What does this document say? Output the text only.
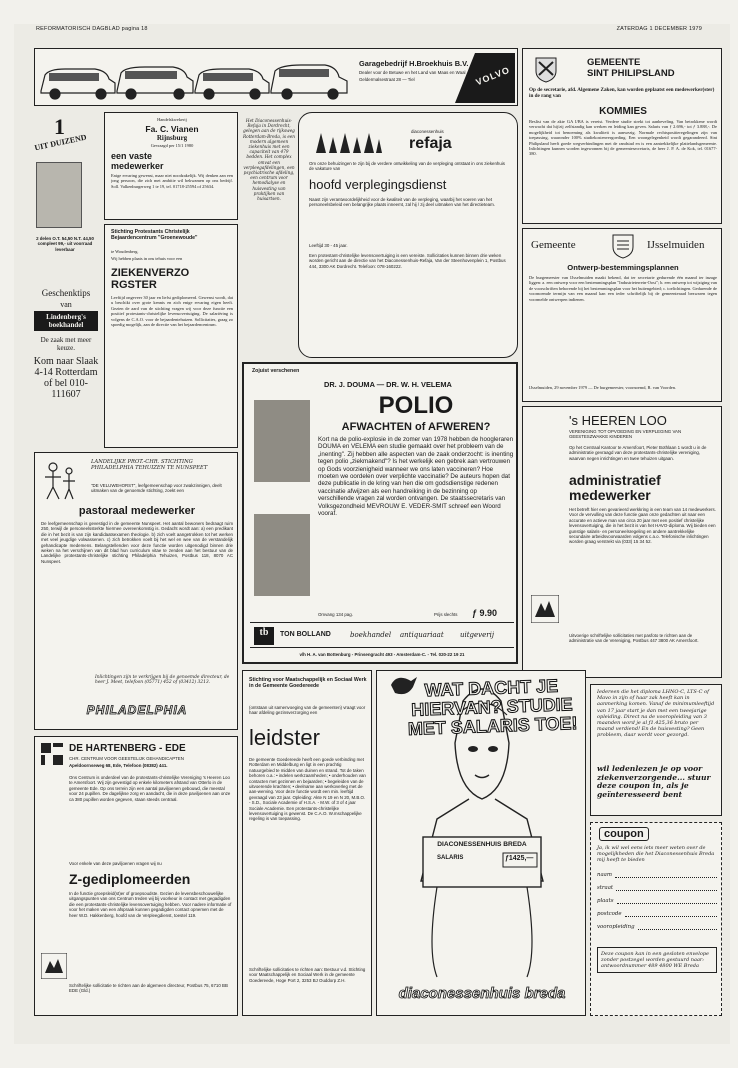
REFORMATORISCH DAGBLAD pagina 18	ZATERDAG 1 DECEMBER 1979
Garagebedrijf H.Broekhuis B.V.
Dealer voor de Betuwe en het Land van Maas en Waal
Geldermalsestraat 28 — Tiel	VOLVO
GEMEENTE
SINT PHILIPSLAND
Op de secretarie, afd. Algemene Zaken, kan worden geplaatst een medewerker(ster) in de rang van
KOMMIES
Beslist van de akte GA I/BA is vereist. Verdere studie strekt tot aanbeveling. Van betrokkene wordt verwacht dat hij/zij zelfstandig kan werken en leiding kan geven. Salaris van ƒ 2.696,- tot ƒ 3.888,-. De mogelijkheid tot benoeming als kwaliteit is aanwezig. Normale rechtspositieregelingen zijn van toepassing, waaronder 100% studiekostenvergoeding. Een woongelegenheid wordt gegarandeerd. Sint Philipsland heeft goede wegverbindingen met de randstad en is een aantrekkelijke plattelandsgemeente. Inlichtingen kunnen worden ingewonnen bij de gemeentesecretaris, de heer J. P. A. de Kok, tel. 01677-380.
Gemeente	IJsselmuiden
Ontwerp-bestemmingsplannen
De burgemeester van IJsselmuiden maakt bekend, dat ter secretarie gedurende één maand ter inzage liggen: a. een ontwerp voor een bestemmingsplan "Industrieterrein-Oost"; b. een ontwerp tot wijziging van de voorschriften behorende bij het bestemmingsplan voor het buitengebied; c. toelichtingen. Gedurende de voornoemde termijn van een maand kan een ieder schriftelijk bij de gemeenteraad bezwaren tegen voormelde ontwerpen indienen.
IJsselmuiden, 29 november 1979 — De burgemeester, voornoemd, R. van Voorden.
1
UIT DUIZEND
2 delen O.T. 54,50 N.T. 44,50 compleet 99,- uit voorraad leverbaar
Geschenktips
van
Lindenberg's boekhandel
De zaak met meer keuze.
Kom naar Slaak 4-14 Rotterdam of bel 010-111607
Handelskwekerij
Fa. C. Vianen
Rijnsburg
Gevraagd per 15/1 1980
een vaste medewerker
Enige ervaring gewenst, maar niet noodzakelijk. Wij denken aan een jong persoon, die zich met ambitie wil bekwamen op ons bedrijf. Soll. Valkenburgerweg 1 te 19, tel. 01718-25594 of 25634.
Stichting Protestants Christelijk Bejaardencentrum "Groenewoude"
te Woudenberg.
Wij hebben plaats in ons tehuis voor een
ZIEKENVERZORGSTER
Leeftijd ongeveer 30 jaar en liefst gediplomeerd. Gewenst wordt, dat u beschikt over grote kennis en zich enige ervaring eigen heeft. Gezien de aard van de stichting vragen wij voor deze functie een positief protestants-christelijke levensovertuiging. De salariëring is volgens de C.A.O. voor de bejaardentehuizen. Sollicitaties, graag zo spoedig mogelijk, aan de directie van het bejaardencentrum.
Het Diaconessenhuis-Refaja in Dordrecht, gelegen aan de rijksweg Rotterdam-Breda, is een modern algemeen ziekenhuis met een capaciteit van 479 bedden. Het complex omvat een verpleegafdelingen, een psychiatrische afdeling, een centrum voor hemodialyse en huisvesting van praktijken van huisartsen.
diaconessenhuis
refaja
Om onze behuizingen te zijn bij de verdere ontwikkeling van de verpleging ontstaat in ons ziekenhuis de vakature van
hoofd verplegingsdienst
Naast zijn verantwoordelijkheid voor de kwaliteit van de verpleging, waarbij het voeren van het personeelsbeleid een belangrijke plaats inneemt, zal hij / zij deel uitmaken van het directieteam.
Leeftijd 30 - 45 jaar.
Een protestant-christelijke levensovertuiging is een vereiste. Sollicitaties kunnen binnen drie weken worden gericht aan de directie van het Diaconessenhuis-Refaja, Van der Steenhovenplein 1, Postbus 444, 3300 AK Dordrecht. Telefoon: 078-160222.
Zojuist verschenen
DR. J. DOUMA — DR. W. H. VELEMA
POLIO
AFWACHTEN of AFWEREN?
Kort na de polio-explosie in de zomer van 1978 hebben de hoogleraren DOUMA en VELEMA een studie gemaakt over het probleem van de „inenting". Zij hebben alle aspecten van de zaak onderzocht: is inenting tegen polio „ziekmakend"? Is het werkelijk een gebrek aan vertrouwen op Gods voorzienigheid wanneer we ons laten vaccineren? Hoe moeten we oordelen over verplichte vaccinatie? De auteurs hopen dat deze publicatie in de kring van hen die om godsdienstige redenen vaccinatie afwijzen als een handreiking in de bezinning op verschillende vragen zal worden ontvangen. De staatssecretaris van Volksgezondheid MEVROUW E. VEDER-SMIT schreef een Woord vooraf.
Omvang 134 pag.	Prijs slechts ƒ 9.90
tb	TON BOLLAND	boekhandel antiquariaat uitgeverij
v/h H. A. van Bottenburg - Prinsengracht 493 - Amsterdam-C. - Tel. 020-22 19 21
LANDELIJKE PROT.-CHR. STICHTING PHILADELPHIA TEHUIZEN TE NUNSPEET
"DE VELUWEHORST", leefgemeenschap voor zwakzinnigen, deelt uitmaken van de genoemde stichting, zoekt een
pastoraal medewerker
De leefgemeenschap is gevestigd in de gemeente Nunspeet. Het aantal bewoners bedraagt ruim 250, terwijl de personeelssterkte hiermee overeenkomstig is. Gedacht wordt aan: a) een predikant die in het bezit is van zijn kandidaatsexamen theologie. b) zich voelt aangetrokken tot het werken met veel jeugdige volwassenen. c) zich betrokken voelt bij het wel en wee van de verstandelijk gehandicapte medemens. Belangstellenden voor deze functie worden uitgenodigd binnen drie weken na het verschijnen van dit blad hun curriculum vitae te zenden aan het bestuur van de Landelijke protestants-christelijke stichting Philadelphia Tehuizen, Postbus 118, 8070 AC Nunspeet.
Inlichtingen zijn te verkrijgen bij de genoemde directeur, de heer J. Meet, telefoon (05771) 452 of (03412) 3213.
PHILADELPHIA
's HEEREN LOO
VERENIGING TOT OPVOEDING EN VERPLEGING VAN GEESTESZWAKKE KINDEREN
Op het Centraal Kantoor te Amersfoort, Pieter Bothlaan 1 wordt u in de administratie gevraagd van deze protestants-christelijke vereniging, waarvan negen inrichtingen en twee tehuizen uitgaan.
administratief medewerker
Het betreft hier een gevarieerd werkkring in een team van 14 medewerkers. Voor de vervulling van deze functie gaan onze gedachten uit naar een accurate en actieve man van circa 20 jaar met een positief christelijke levensovertuiging, die in het bezit is van het HAVO-diploma. Wij bieden een gunstige salaris- en personeelsregeling en andere aantrekkelijke secundaire arbeidsvoorwaarden volgens c.a.o. Telefonische inlichtingen worden graag verstrekt via (033) 15 34 52.
Uitvoerige schriftelijke sollicitaties met pasfoto te richten aan de administratie van de Vereniging, Postbus 447 3800 AK Amersfoort.
DE HARTENBERG - EDE
CHR. CENTRUM VOOR GEESTELIJK GEHANDICAPTEN
Apeldoornseweg 68, Ede, Telefoon (08382) 441.
Ons Centrum is onderdeel van de protestants-christelijke Vereniging 's Heeren Loo te Amersfoort. Wij zijn gevestigd op enkele kilometers afstand van Otterlo in de gemeente Ede. Op ons terrein zijn een aantal paviljoenen gebouwd, die meestal voor 24 pupillen. De dagelijkse zorg en aandacht, die in deze paviljoenen aan onze ca 380 pupillen worden gegeven, staan steeds centraal.
Voor enkele van deze paviljoenen vragen wij nu
Z-gediplomeerden
In de functie groepsleid(st)er of groepsoudste. Gezien de levensbeschouwelijke uitgangspunten van ons Centrum treden wij bij voorkeur in contact met gegadigden die een protestants-christelijke levensovertuiging hebben. Voor nadere informatie of voor het maken van een afspraak kunnen gegadigden contact opnemen met de heer W.D. Hakkenberg, hoofd van de Verpleegdienst, toestel 119.
Schriftelijke sollicitatie te richten aan de algemeen directeur, Postbus 75, 6710 BB EDE (Gld.)
Stichting voor Maatschappelijk en Sociaal Werk in de Gemeente Goedereede
(ontstaan uit samenvoeging van de gemeenten) vraagt voor haar afdeling gezinsverzorging een
leidster
De gemeente Goedereede heeft een goede verbinding met Rotterdam en Middelburg en ligt in een prachtig natuurgebied te midden van duinen en strand. Tot de taken behoren o.a.: • indelen werkzaamheden; • onderhouden van contacten met gezinnen en bejaarden; • begeleiden van de uitvoerende krachten; • deelname aan werkoverleg met de aan-werving. Voor deze functie wordt een min. leeftijd gevraagd van 23 jaar. Opleiding: Akte N 19 en N 20, M.B.O. - S.D., Sociale Academie of H.S.A. - M.W. of 3 of 4 jaar Sociale Academie. Een protestants-christelijke levensovertuiging is gewenst. De C.A.O. W.mschappelijke regeling is van toepassing.
Schriftelijke sollicitaties te richten aan: Bestuur v.d. Stichting voor Maatschappelijk en Sociaal Werk in de gemeente Goedereede, Hoge Port 2, 3253 BJ Ouddorp Z.H.
WAT DACHT JE HIERVAN? STUDIE MET SALARIS TOE!
DIACONESSENHUIS BREDA
SALARIS	ƒ1425,—
diaconessenhuis breda
Iedereen die het diploma LHNO-C, LTS-C of Mavo in zijn of haar zak heeft kan in aanmerking komen. Vanaf de minimumleeftijd van 17 jaar start je dan met een tweejarige opleiding. Direct na de vooropleiding van 3 maanden word je al ƒ1.425,36 bruto per maand verdiend! En de huisvesting? Geen probleem, daar wordt voor gezorgd.
wil ledenlezen je op voor ziekenverzorgende... stuur deze coupon in, als je geïnteresseerd bent
coupon
Ja, ik wil wel eens iets meer weten over de mogelijkheden die het Diaconessenhuis Breda mij heeft te bieden
naam
straat
plaats
postcode
vooropleiding
Deze coupon kan in een gesloten envelope zonder postzegel worden gestuurd naar: antwoordnummer 489 4800 WE Breda
